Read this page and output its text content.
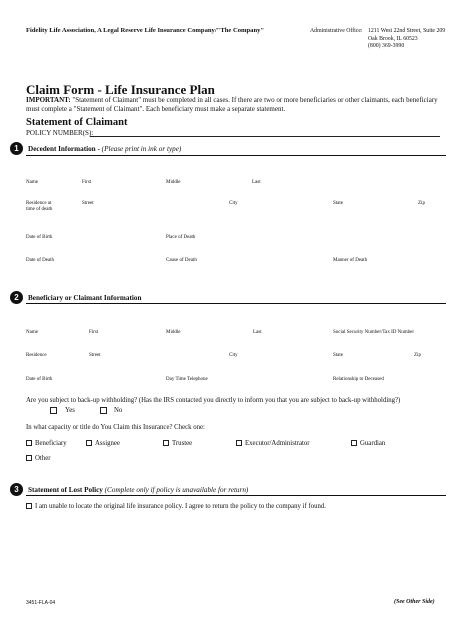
Fidelity Life Association, A Legal Reserve Life Insurance Company/"The Company"	Administrative Office: 1211 West 22nd Street, Suite 209
Oak Brook, IL 60523
(800) 369-3990
Claim Form - Life Insurance Plan
IMPORTANT: "Statement of Claimant" must be completed in all cases. If there are two or more beneficiaries or other claimants, each beneficiary must complete a "Statement of Claimant". Each beneficiary must make a separate statement.
Statement of Claimant
POLICY NUMBER(S):
1	Decedent Information - (Please print in ink or type)
Name	First	Middle	Last
Residence at
time of death
Street	City	State	Zip
Date of Birth	Place of Death
Date of Death	Cause of Death	Manner of Death
2	Beneficiary or Claimant Information
Name	First	Middle	Last	Social Security Number/Tax ID Number
Residence	Street	City	State	Zip
Date of Birth	Day Time Telephone	Relationship to Deceased
Are you subject to back-up withholding? (Has the IRS contacted you directly to inform you that you are subject to back-up withholding?)
Yes	No
In what capacity or title do You Claim this Insurance? Check one:
Beneficiary	Assignee	Trustee	Executor/Administrator	Guardian
Other
3	Statement of Lost Policy (Complete only if policy is unavailable for return)
I am unable to locate the original life insurance policy. I agree to return the policy to the company if found.
3451-FLA-04	(See Other Side)
